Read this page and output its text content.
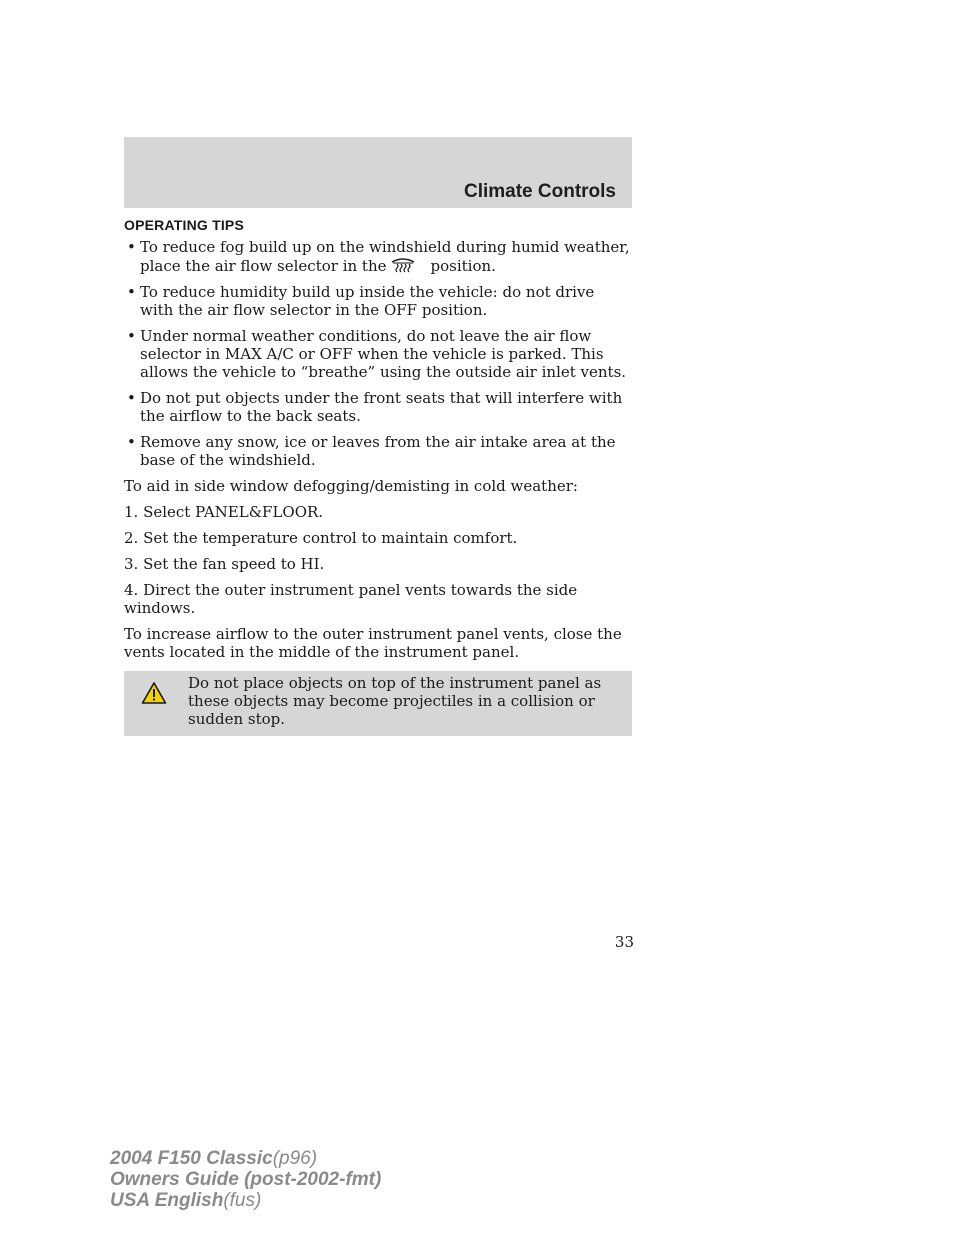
Climate Controls
OPERATING TIPS
• To reduce fog build up on the windshield during humid weather, place the air flow selector in the	position.
• To reduce humidity build up inside the vehicle: do not drive with the air flow selector in the OFF position.
• Under normal weather conditions, do not leave the air flow selector in MAX A/C or OFF when the vehicle is parked. This allows the vehicle to “breathe” using the outside air inlet vents.
• Do not put objects under the front seats that will interfere with the airflow to the back seats.
• Remove any snow, ice or leaves from the air intake area at the base of the windshield.

To aid in side window defogging/demisting in cold weather:

1. Select PANEL&FLOOR.

2. Set the temperature control to maintain comfort.

3. Set the fan speed to HI.

4. Direct the outer instrument panel vents towards the side windows.

To increase airflow to the outer instrument panel vents, close the vents located in the middle of the instrument panel.

Do not place objects on top of the instrument panel as these objects may become projectiles in a collision or sudden stop.
33
2004 F150 Classic(p96)
Owners Guide (post-2002-fmt)
USA English(fus)
